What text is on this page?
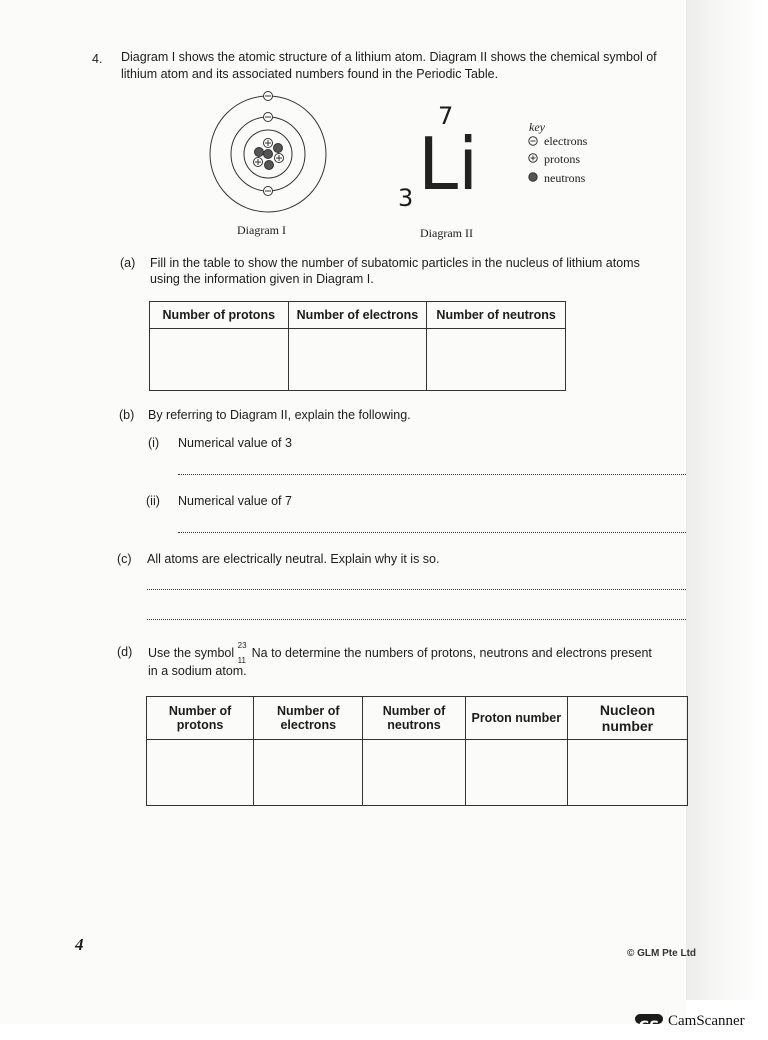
4. Diagram I shows the atomic structure of a lithium atom. Diagram II shows the chemical symbol of
lithium atom and its associated numbers found in the Periodic Table.
Diagram I
7
3 Li
Diagram II
key
electrons
protons
neutrons
(a) Fill in the table to show the number of subatomic particles in the nucleus of lithium atoms
using the information given in Diagram I.
Number of protons	Number of electrons	Number of neutrons

(b) By referring to Diagram II, explain the following.
(i) Numerical value of 3
(ii) Numerical value of 7
(c) All atoms are electrically neutral. Explain why it is so.
(d) Use the symbol
23
11
Na to determine the numbers of protons, neutrons and electrons present
in a sodium atom.
Number of
protons	Number of
electrons	Number of
neutrons	Proton number	Nucleon
number

4	© GLM Pte Ltd
CS CamScanner
